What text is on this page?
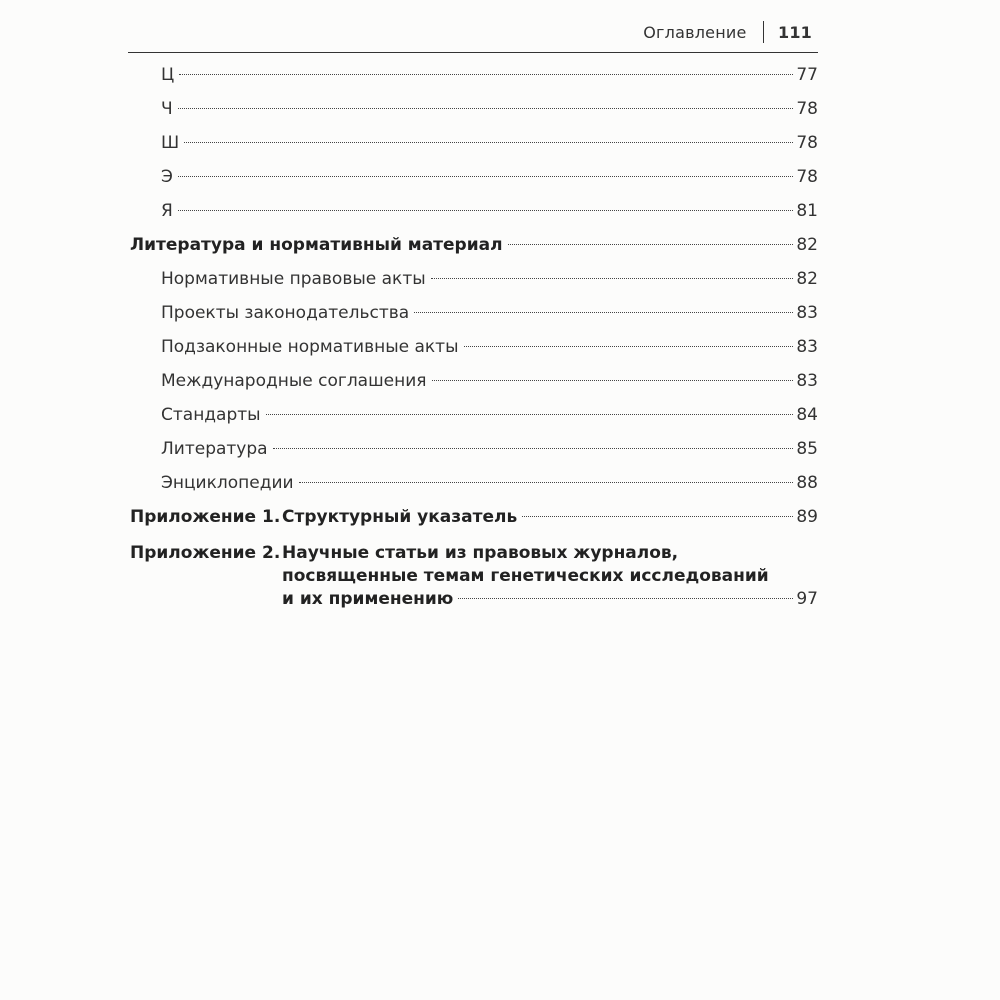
Оглавление 111
Ц	77
Ч	78
Ш	78
Э	78
Я	81
Литература и нормативный материал	82
Нормативные правовые акты	82
Проекты законодательства	83
Подзаконные нормативные акты	83
Международные соглашения	83
Стандарты	84
Литература	85
Энциклопедии	88
Приложение 1. Структурный указатель	89
Приложение 2. Научные статьи из правовых журналов,
посвященные темам генетических исследований
и их применению	97
